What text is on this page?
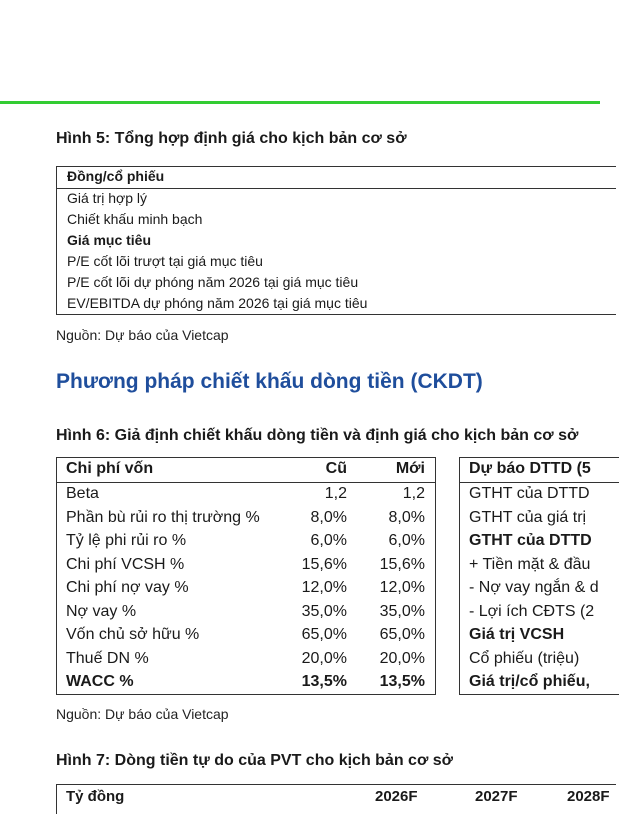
Hình 5: Tổng hợp định giá cho kịch bản cơ sở
Đồng/cổ phiếu
Giá trị hợp lý
Chiết khấu minh bạch
Giá mục tiêu
P/E cốt lõi trượt tại giá mục tiêu
P/E cốt lõi dự phóng năm 2026 tại giá mục tiêu
EV/EBITDA dự phóng năm 2026 tại giá mục tiêu
Nguồn: Dự báo của Vietcap
Phương pháp chiết khấu dòng tiền (CKDT)
Hình 6: Giả định chiết khấu dòng tiền và định giá cho kịch bản cơ sở
Chi phí vốn	Cũ	Mới
Beta	1,2	1,2
Phần bù rủi ro thị trường %	8,0%	8,0%
Tỷ lệ phi rủi ro %	6,0%	6,0%
Chi phí VCSH %	15,6% 15,6%
Chi phí nợ vay %	12,0% 12,0%
Nợ vay %	35,0% 35,0%
Vốn chủ sở hữu %	65,0% 65,0%
Thuế DN %	20,0% 20,0%
WACC %	13,5% 13,5%
Dự báo DTTD (5
GTHT của DTTD
GTHT của giá trị
GTHT của DTTD
+ Tiền mặt & đầu
- Nợ vay ngắn & d
- Lợi ích CĐTS (2
Giá trị VCSH
Cổ phiếu (triệu)
Giá trị/cổ phiếu,
Nguồn: Dự báo của Vietcap
Hình 7: Dòng tiền tự do của PVT cho kịch bản cơ sở
Tỷ đồng	2026F	2027F	2028F
